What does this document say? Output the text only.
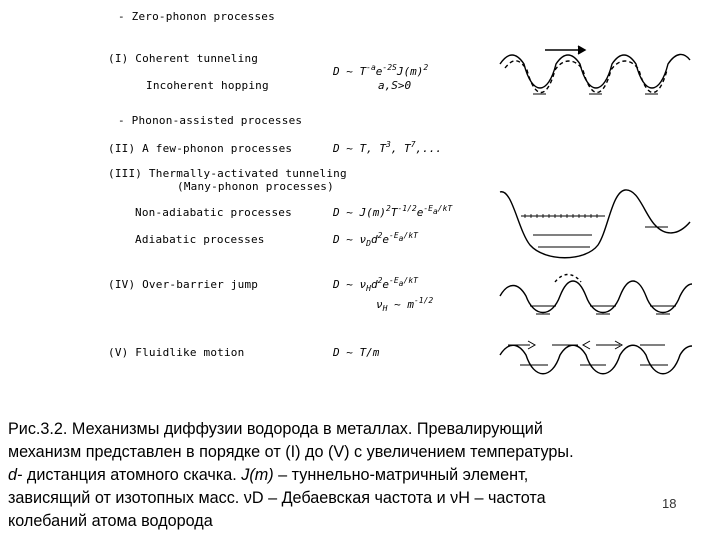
- Zero-phonon processes
(I) Coherent tunneling
Incoherent hopping
D ~ $T^{-a}e^{-2S}J(m)^2$
a,S>0
- Phonon-assisted processes
(II) A few-phonon processes	D ~ T, $T^3$, $T^7$,...
(III) Thermally-activated tunneling
(Many-phonon processes)
Non-adiabatic processes	D ~ $J(m)^2T^{-1/2}e^{-E}a^{/kT}$
Adiabatic processes	D ~ $\nu_Dd^2e^{-E}a^{/kT}$
(IV) Over-barrier jump	D ~ $\nu_Hd^2e^{-E}a^{/kT}$
$\nu_H$ ~ $m^{-1/2}$
(V) Fluidlike motion	D ~ T/m
Рис.3.2. Механизмы диффузии водорода в металлах. Превалирующий
механизм представлен в порядке от (I) до (V) с увеличением температуры.
d- дистанция атомного скачка. J(m) – туннельно-матричный элемент,
зависящий от изотопных масс. νD – Дебаевская частота и νH – частота
колебаний атома водорода
18
